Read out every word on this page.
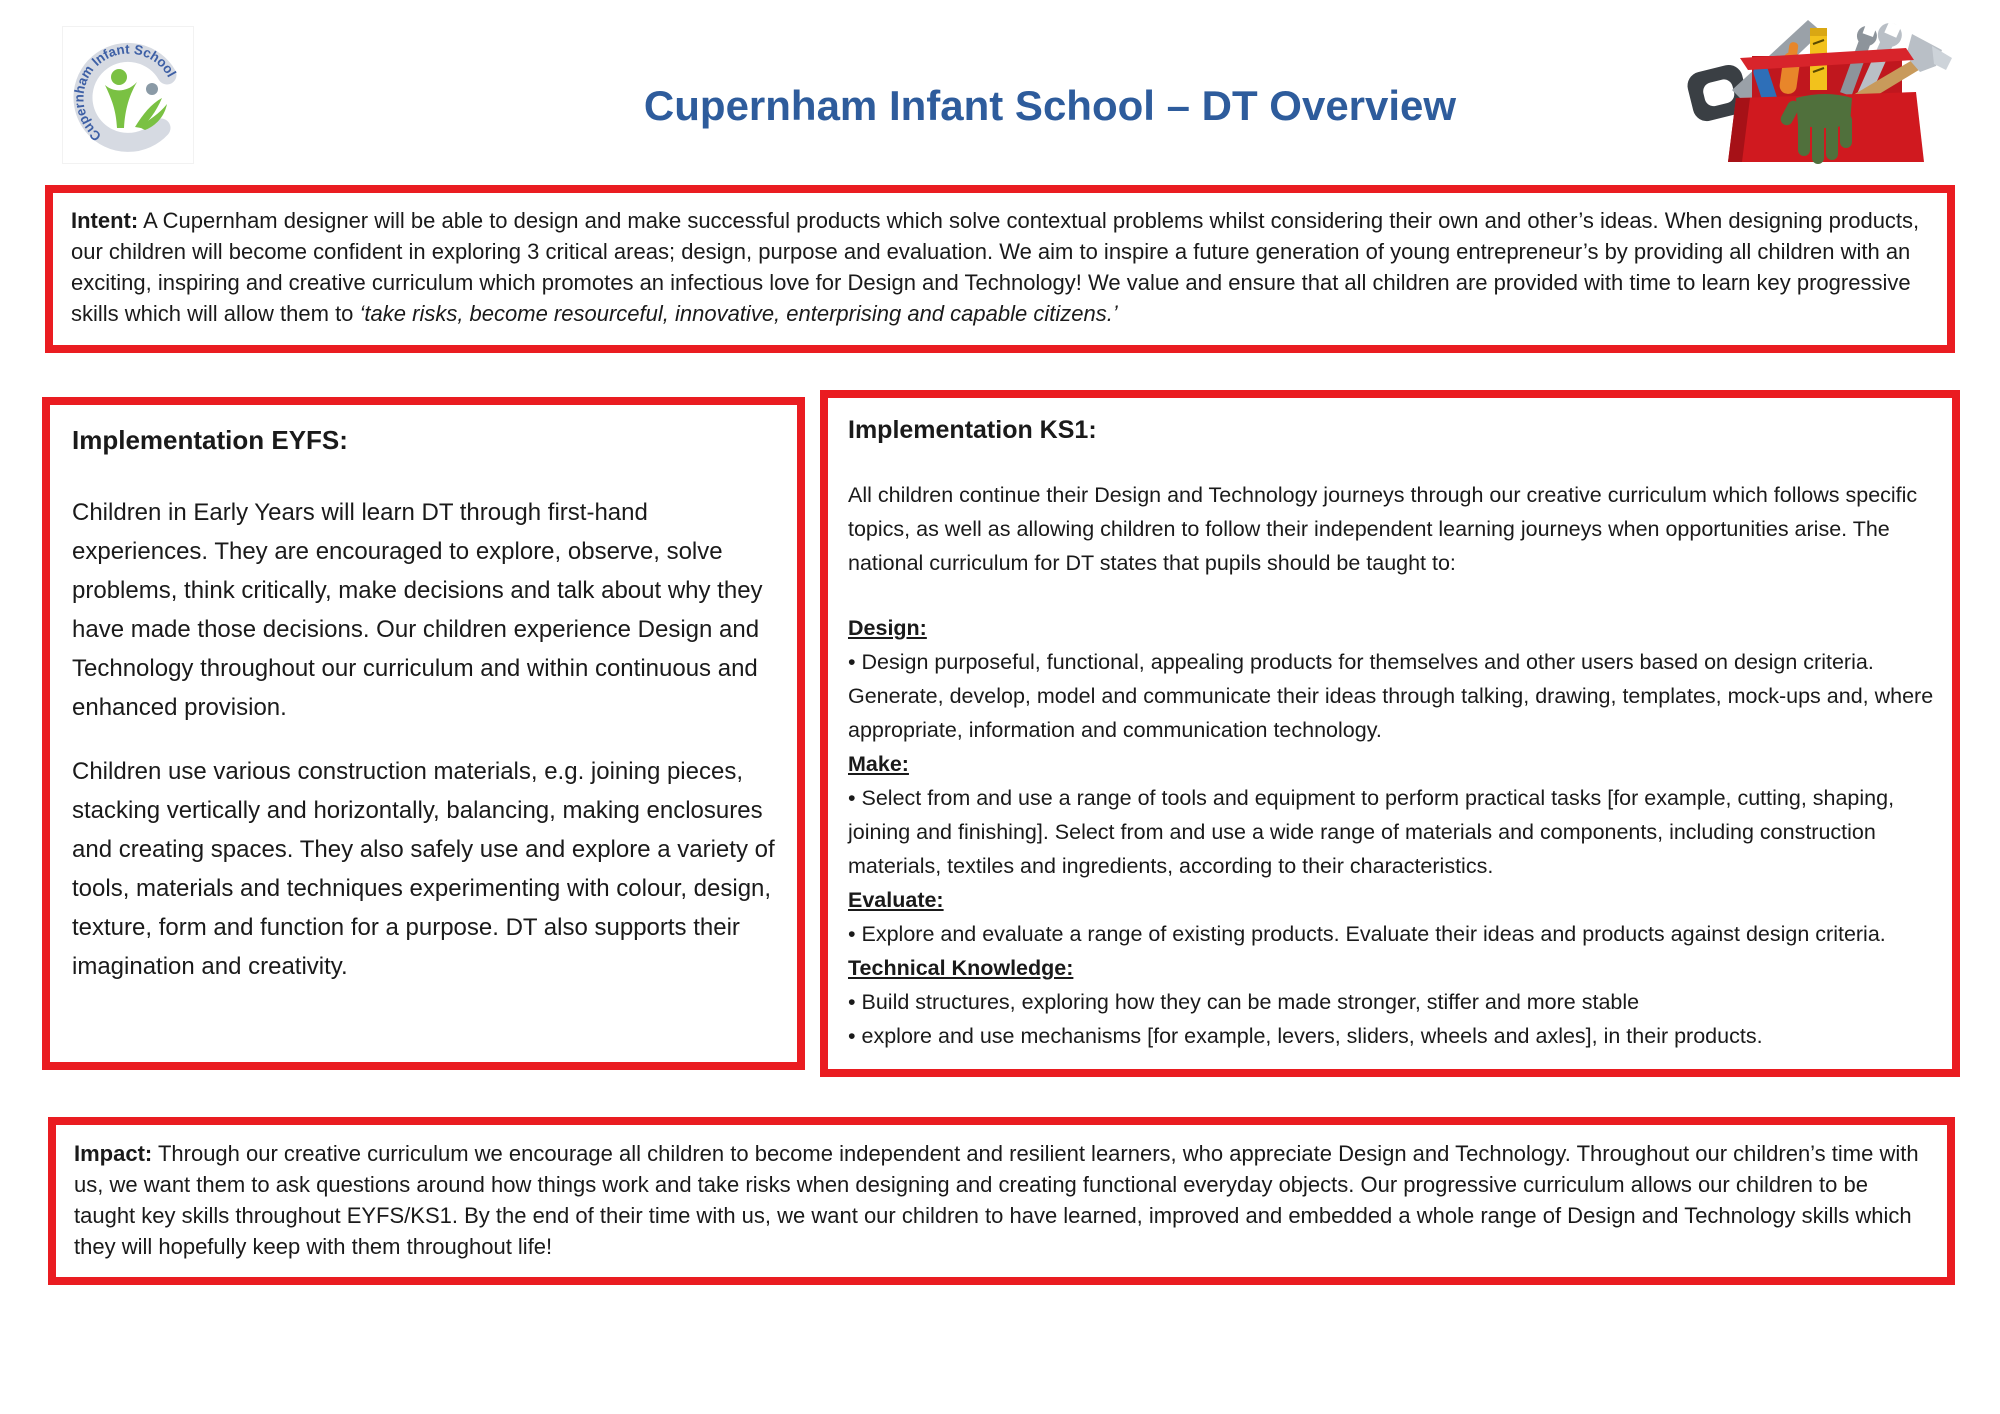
Cupernham Infant School
Cupernham Infant School – DT Overview
Intent: A Cupernham designer will be able to design and make successful products which solve contextual problems whilst considering their own and other’s ideas. When designing products, our children will become confident in exploring 3 critical areas; design, purpose and evaluation. We aim to inspire a future generation of young entrepreneur’s by providing all children with an exciting, inspiring and creative curriculum which promotes an infectious love for Design and Technology! We value and ensure that all children are provided with time to learn key progressive skills which will allow them to ‘take risks, become resourceful, innovative, enterprising and capable citizens.’
Implementation EYFS:
Children in Early Years will learn DT through first-hand experiences. They are encouraged to explore, observe, solve problems, think critically, make decisions and talk about why they have made those decisions. Our children experience Design and Technology throughout our curriculum and within continuous and enhanced provision.
Children use various construction materials, e.g. joining pieces, stacking vertically and horizontally, balancing, making enclosures and creating spaces. They also safely use and explore a variety of tools, materials and techniques experimenting with colour, design, texture, form and function for a purpose. DT also supports their imagination and creativity.
Implementation KS1:
All children continue their Design and Technology journeys through our creative curriculum which follows specific topics, as well as allowing children to follow their independent learning journeys when opportunities arise. The national curriculum for DT states that pupils should be taught to:
Design:
• Design purposeful, functional, appealing products for themselves and other users based on design criteria. Generate, develop, model and communicate their ideas through talking, drawing, templates, mock-ups and, where appropriate, information and communication technology.
Make:
• Select from and use a range of tools and equipment to perform practical tasks [for example, cutting, shaping, joining and finishing]. Select from and use a wide range of materials and components, including construction materials, textiles and ingredients, according to their characteristics.
Evaluate:
• Explore and evaluate a range of existing products. Evaluate their ideas and products against design criteria.
Technical Knowledge:
• Build structures, exploring how they can be made stronger, stiffer and more stable
• explore and use mechanisms [for example, levers, sliders, wheels and axles], in their products.
Impact: Through our creative curriculum we encourage all children to become independent and resilient learners, who appreciate Design and Technology. Throughout our children’s time with us, we want them to ask questions around how things work and take risks when designing and creating functional everyday objects. Our progressive curriculum allows our children to be taught key skills throughout EYFS/KS1. By the end of their time with us, we want our children to have learned, improved and embedded a whole range of Design and Technology skills which they will hopefully keep with them throughout life!
